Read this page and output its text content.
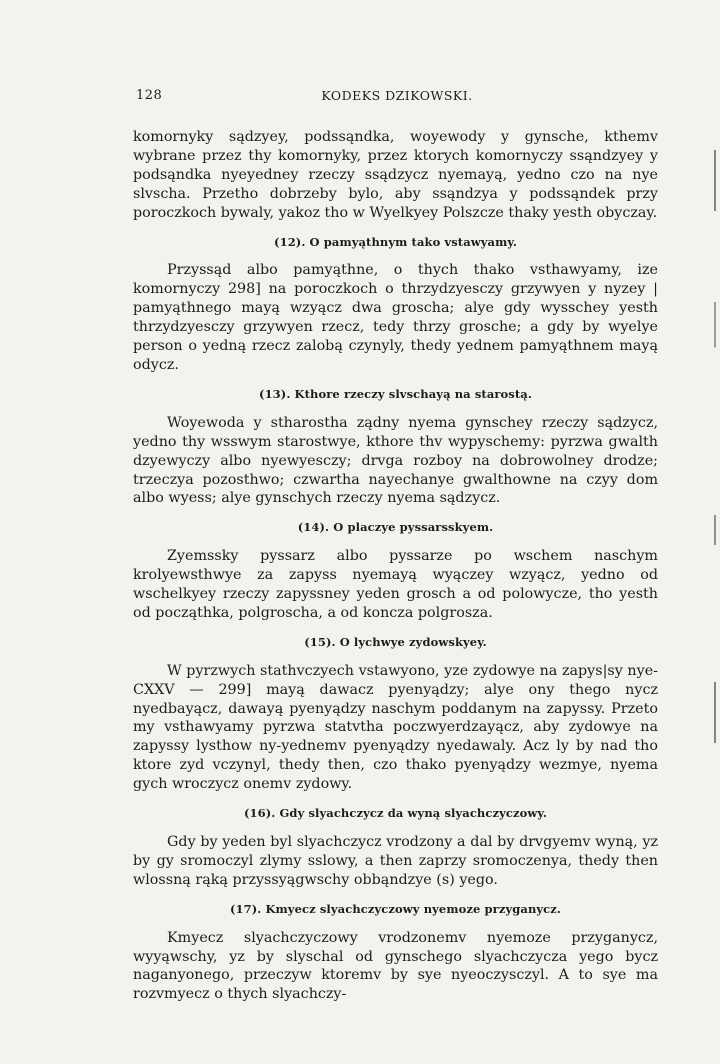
128	KODEKS DZIKOWSKI.

komornyky sądzyey, podssąndka, woyewody y gynsche, kthemv wybrane przez thy komornyky, przez ktorych komornyczy ssąndzyey y podsąndka nyeyedney rzeczy ssądzycz nyemayą, yedno czo na nye slvscha. Przetho dobrzeby bylo, aby ssąndzya y podssąndek przy poroczkoch bywaly, yakoz tho w Wyelkyey Polszcze thaky yesth obyczay.

(12). O pamyąthnym tako vstawyamy.

Przyssąd albo pamyąthne, o thych thako vsthawyamy, ize komornyczy 298] na poroczkoch o thrzydzyesczy grzywyen y nyzey | pamyąthnego mayą wzyącz dwa groscha; alye gdy wysschey yesth thrzydzyesczy grzywyen rzecz, tedy thrzy grosche; a gdy by wyelye person o yedną rzecz zalobą czynyly, thedy yednem pamyąthnem mayą odycz.

(13). Kthore rzeczy slvschayą na starostą.

Woyewoda y stharostha ządny nyema gynschey rzeczy sądzycz, yedno thy wsswym starostwye, kthore thv wypyschemy: pyrzwa gwalth dzyewyczy albo nyewyesczy; drvga rozboy na dobrowolney drodze; trzeczya pozosthwo; czwartha nayechanye gwalthowne na czyy dom albo wyess; alye gynschych rzeczy nyema sądzycz.

(14). O placzye pyssarsskyem.

Zyemssky pyssarz albo pyssarze po wschem naschym krolyewsthwye za zapyss nyemayą wyączey wzyącz, yedno od wschelkyey rzeczy zapyssney yeden grosch a od polowycze, tho yesth od począthka, polgroscha, a od koncza polgrosza.

(15). O lychwye zydowskyey.

W pyrzwych stathvczyech vstawyono, yze zydowye na zapys|sy nye-CXXV — 299] mayą dawacz pyenyądzy; alye ony thego nycz nyedbayącz, dawayą pyenyądzy naschym poddanym na zapyssy. Przeto my vsthawyamy pyrzwa statvtha poczwyerdzayącz, aby zydowye na zapyssy lysthow ny-yednemv pyenyądzy nyedawaly. Acz ly by nad tho ktore zyd vczynyl, thedy then, czo thako pyenyądzy wezmye, nyema gych wroczycz onemv zydowy.

(16). Gdy slyachczycz da wyną slyachczyczowy.

Gdy by yeden byl slyachczycz vrodzony a dal by drvgyemv wyną, yz by gy sromoczyl zlymy sslowy, a then zaprzy sromoczenya, thedy then wlossną rąką przyssyągwschy obbąndzye (s) yego.

(17). Kmyecz slyachczyczowy nyemoze przyganycz.

Kmyecz slyachczyczowy vrodzonemv nyemoze przyganycz, wyyąwschy, yz by slyschal od gynschego slyachczycza yego bycz naganyonego, przeczyw ktoremv by sye nyeoczysczyl. A to sye ma rozvmyecz o thych slyachczy-
